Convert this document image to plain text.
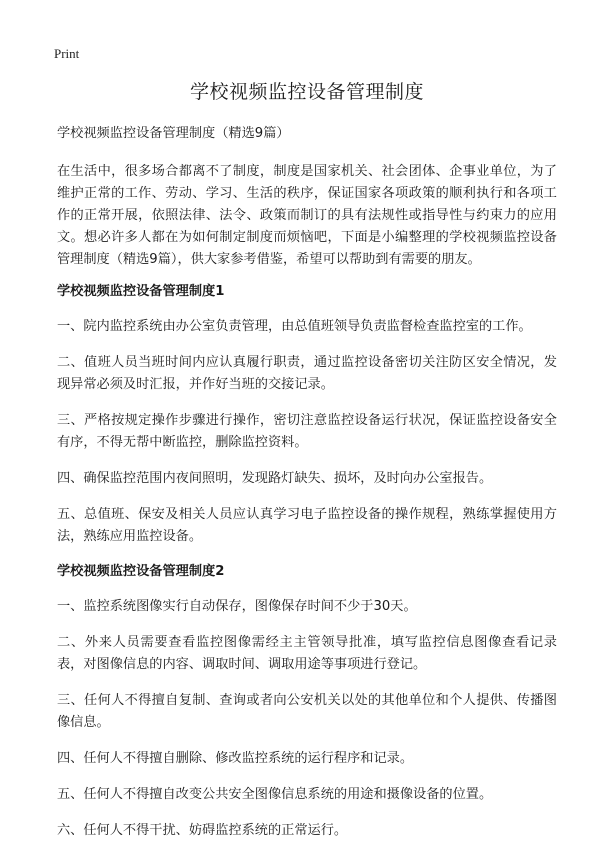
Print
学校视频监控设备管理制度

学校视频监控设备管理制度（精选9篇）

在生活中，很多场合都离不了制度，制度是国家机关、社会团体、企事业单位，为了维护正常的工作、劳动、学习、生活的秩序，保证国家各项政策的顺利执行和各项工作的正常开展，依照法律、法令、政策而制订的具有法规性或指导性与约束力的应用文。想必许多人都在为如何制定制度而烦恼吧，下面是小编整理的学校视频监控设备管理制度（精选9篇），供大家参考借鉴，希望可以帮助到有需要的朋友。

学校视频监控设备管理制度1

一、院内监控系统由办公室负责管理，由总值班领导负责监督检查监控室的工作。

二、值班人员当班时间内应认真履行职责，通过监控设备密切关注防区安全情况，发现异常必须及时汇报，并作好当班的交接记录。

三、严格按规定操作步骤进行操作，密切注意监控设备运行状况，保证监控设备安全有序，不得无帮中断监控，删除监控资料。

四、确保监控范围内夜间照明，发现路灯缺失、损坏，及时向办公室报告。

五、总值班、保安及相关人员应认真学习电子监控设备的操作规程，熟练掌握使用方法，熟练应用监控设备。

学校视频监控设备管理制度2

一、监控系统图像实行自动保存，图像保存时间不少于30天。

二、外来人员需要查看监控图像需经主主管领导批准，填写监控信息图像查看记录表，对图像信息的内容、调取时间、调取用途等事项进行登记。

三、任何人不得擅自复制、查询或者向公安机关以处的其他单位和个人提供、传播图像信息。

四、任何人不得擅自删除、修改监控系统的运行程序和记录。

五、任何人不得擅自改变公共安全图像信息系统的用途和摄像设备的位置。

六、任何人不得干扰、妨碍监控系统的正常运行。
